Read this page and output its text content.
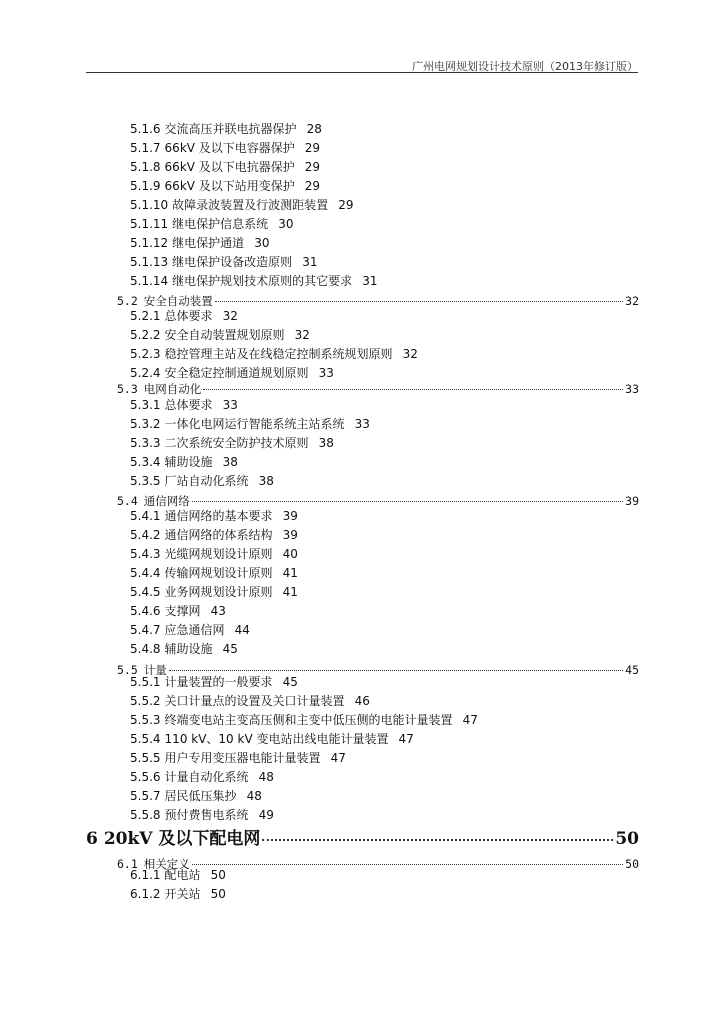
广州电网规划设计技术原则（2013年修订版）
5.1.6 交流高压并联电抗器保护 28
5.1.7 66kV 及以下电容器保护 29
5.1.8 66kV 及以下电抗器保护 29
5.1.9 66kV 及以下站用变保护 29
5.1.10 故障录波装置及行波测距装置 29
5.1.11 继电保护信息系统 30
5.1.12 继电保护通道 30
5.1.13 继电保护设备改造原则 31
5.1.14 继电保护规划技术原则的其它要求 31
5.2 安全自动装置	32
5.2.1 总体要求 32
5.2.2 安全自动装置规划原则 32
5.2.3 稳控管理主站及在线稳定控制系统规划原则 32
5.2.4 安全稳定控制通道规划原则 33
5.3 电网自动化	33
5.3.1 总体要求 33
5.3.2 一体化电网运行智能系统主站系统 33
5.3.3 二次系统安全防护技术原则 38
5.3.4 辅助设施 38
5.3.5 厂站自动化系统 38
5.4 通信网络	39
5.4.1 通信网络的基本要求 39
5.4.2 通信网络的体系结构 39
5.4.3 光缆网规划设计原则 40
5.4.4 传输网规划设计原则 41
5.4.5 业务网规划设计原则 41
5.4.6 支撑网 43
5.4.7 应急通信网 44
5.4.8 辅助设施 45
5.5 计量	45
5.5.1 计量装置的一般要求 45
5.5.2 关口计量点的设置及关口计量装置 46
5.5.3 终端变电站主变高压侧和主变中低压侧的电能计量装置 47
5.5.4 110 kV、10 kV 变电站出线电能计量装置 47
5.5.5 用户专用变压器电能计量装置 47
5.5.6 计量自动化系统 48
5.5.7 居民低压集抄 48
5.5.8 预付费售电系统 49
6 20kV 及以下配电网	50
6.1 相关定义	50
6.1.1 配电站 50
6.1.2 开关站 50
